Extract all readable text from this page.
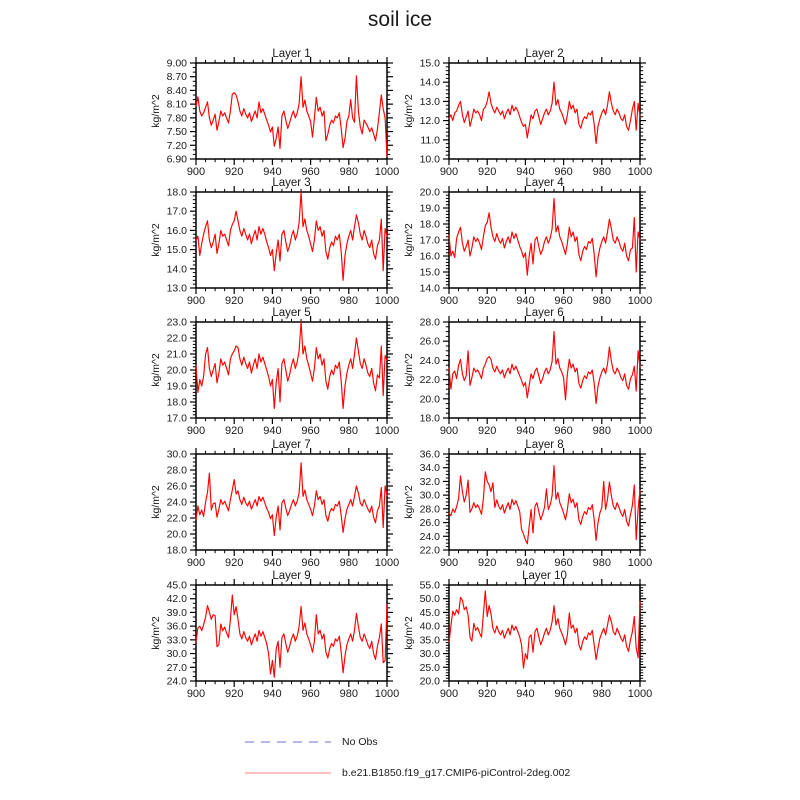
soil ice
Layer 1
kg/m^2
6.90
7.20
7.50
7.80
8.10
8.40
8.70
9.00
900 920 940 960 980 1000
Layer 2
kg/m^2
10.0
11.0
12.0
13.0
14.0
15.0
900 920 940 960 980 1000
Layer 3
kg/m^2
13.0
14.0
15.0
16.0
17.0
18.0
900 920 940 960 980 1000
Layer 4
kg/m^2
14.0
15.0
16.0
17.0
18.0
19.0
20.0
900 920 940 960 980 1000
Layer 5
kg/m^2
17.0
18.0
19.0
20.0
21.0
22.0
23.0
900 920 940 960 980 1000
Layer 6
kg/m^2
18.0
20.0
22.0
24.0
26.0
28.0
900 920 940 960 980 1000
Layer 7
kg/m^2
18.0
20.0
22.0
24.0
26.0
28.0
30.0
900 920 940 960 980 1000
Layer 8
kg/m^2
22.0
24.0
26.0
28.0
30.0
32.0
34.0
36.0
900 920 940 960 980 1000
Layer 9
kg/m^2
24.0
27.0
30.0
33.0
36.0
39.0
42.0
45.0
900 920 940 960 980 1000
Layer 10
kg/m^2
20.0
25.0
30.0
35.0
40.0
45.0
50.0
55.0
900 920 940 960 980 1000
No Obs
b.e21.B1850.f19_g17.CMIP6-piControl-2deg.002
